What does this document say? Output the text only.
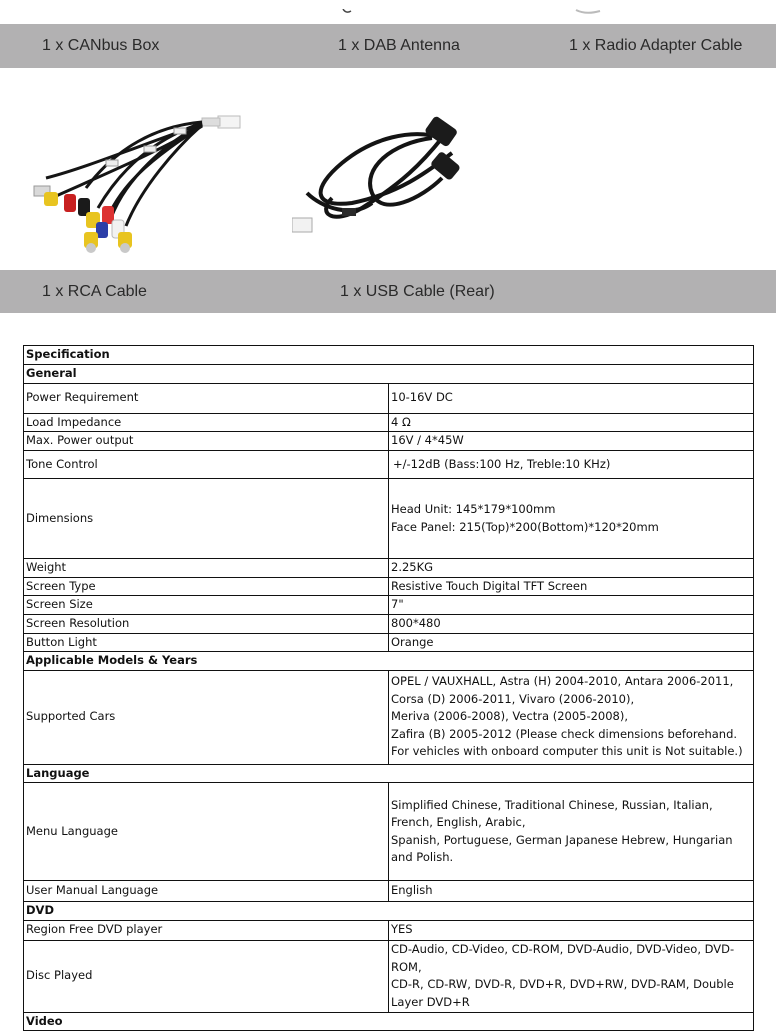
1 x CANbus Box	1 x DAB Antenna	1 x Radio Adapter Cable
1 x RCA Cable	1 x USB Cable (Rear)
Specification	
General	
Power Requirement	10-16V DC
Load Impedance	4 Ω
Max. Power output	16V / 4*45W
Tone Control	+/-12dB (Bass:100 Hz, Treble:10 KHz)
Dimensions	Head Unit: 145*179*100mm
Face Panel: 215(Top)*200(Bottom)*120*20mm

Weight	2.25KG
Screen Type	Resistive Touch Digital TFT Screen
Screen Size	7"
Screen Resolution	800*480
Button Light	Orange
Applicable Models & Years	
Supported Cars	OPEL / VAUXHALL, Astra (H) 2004-2010, Antara 2006-2011,
Corsa (D) 2006-2011, Vivaro (2006-2010),
Meriva (2006-2008), Vectra (2005-2008),
Zafira (B) 2005-2012 (Please check dimensions beforehand.
For vehicles with onboard computer this unit is Not suitable.)

Language	
Menu Language	Simplified Chinese, Traditional Chinese, Russian, Italian, French, English, Arabic,
Spanish, Portuguese, German Japanese Hebrew, Hungarian and Polish.

User Manual Language	English
DVD	
Region Free DVD player	YES
Disc Played	CD-Audio, CD-Video, CD-ROM, DVD-Audio, DVD-Video, DVD-ROM,
CD-R, CD-RW, DVD-R, DVD+R, DVD+RW, DVD-RAM, Double Layer DVD+R

Video	
